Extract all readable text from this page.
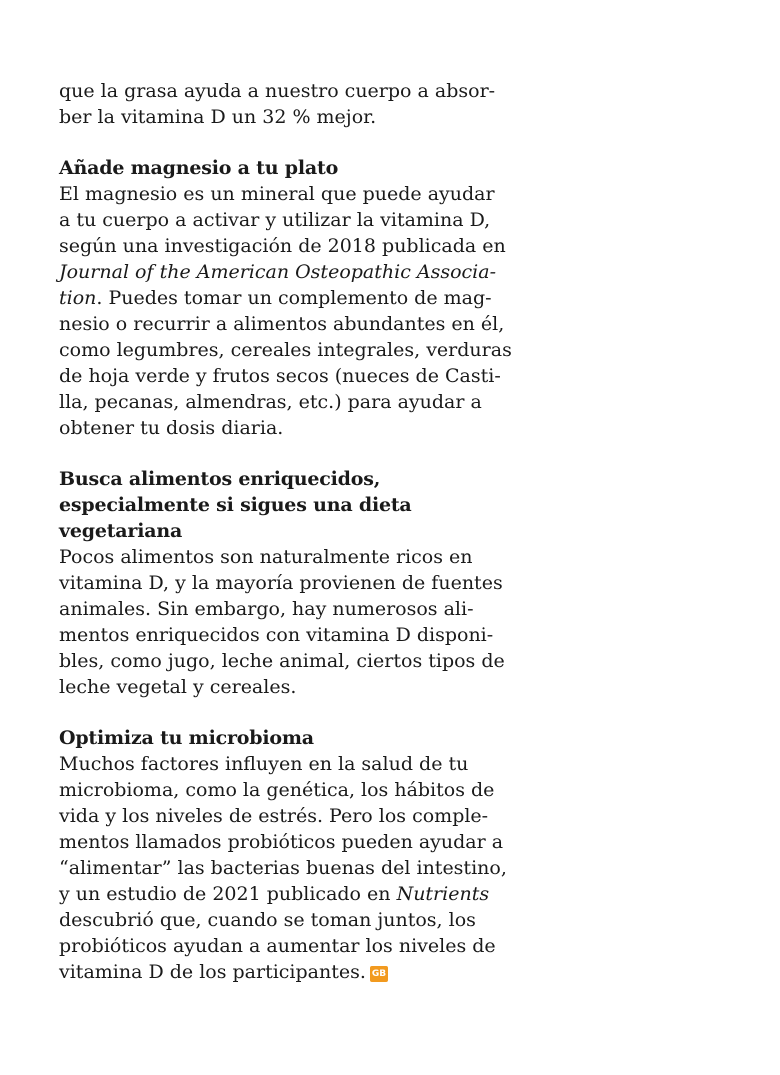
que la grasa ayuda a nuestro cuerpo a absor-
ber la vitamina D un 32 % mejor.
Añade magnesio a tu plato
El magnesio es un mineral que puede ayudar
a tu cuerpo a activar y utilizar la vitamina D,
según una investigación de 2018 publicada en
Journal of the American Osteopathic Associa-
tion. Puedes tomar un complemento de mag-
nesio o recurrir a alimentos abundantes en él,
como legumbres, cereales integrales, verduras
de hoja verde y frutos secos (nueces de Casti-
lla, pecanas, almendras, etc.) para ayudar a
obtener tu dosis diaria.
Busca alimentos enriquecidos,
especialmente si sigues una dieta
vegetariana
Pocos alimentos son naturalmente ricos en
vitamina D, y la mayoría provienen de fuentes
animales. Sin embargo, hay numerosos ali-
mentos enriquecidos con vitamina D disponi-
bles, como jugo, leche animal, ciertos tipos de
leche vegetal y cereales.
Optimiza tu microbioma
Muchos factores influyen en la salud de tu
microbioma, como la genética, los hábitos de
vida y los niveles de estrés. Pero los comple-
mentos llamados probióticos pueden ayudar a
“alimentar” las bacterias buenas del intestino,
y un estudio de 2021 publicado en Nutrients
descubrió que, cuando se toman juntos, los
probióticos ayudan a aumentar los niveles de
vitamina D de los participantes. GB
